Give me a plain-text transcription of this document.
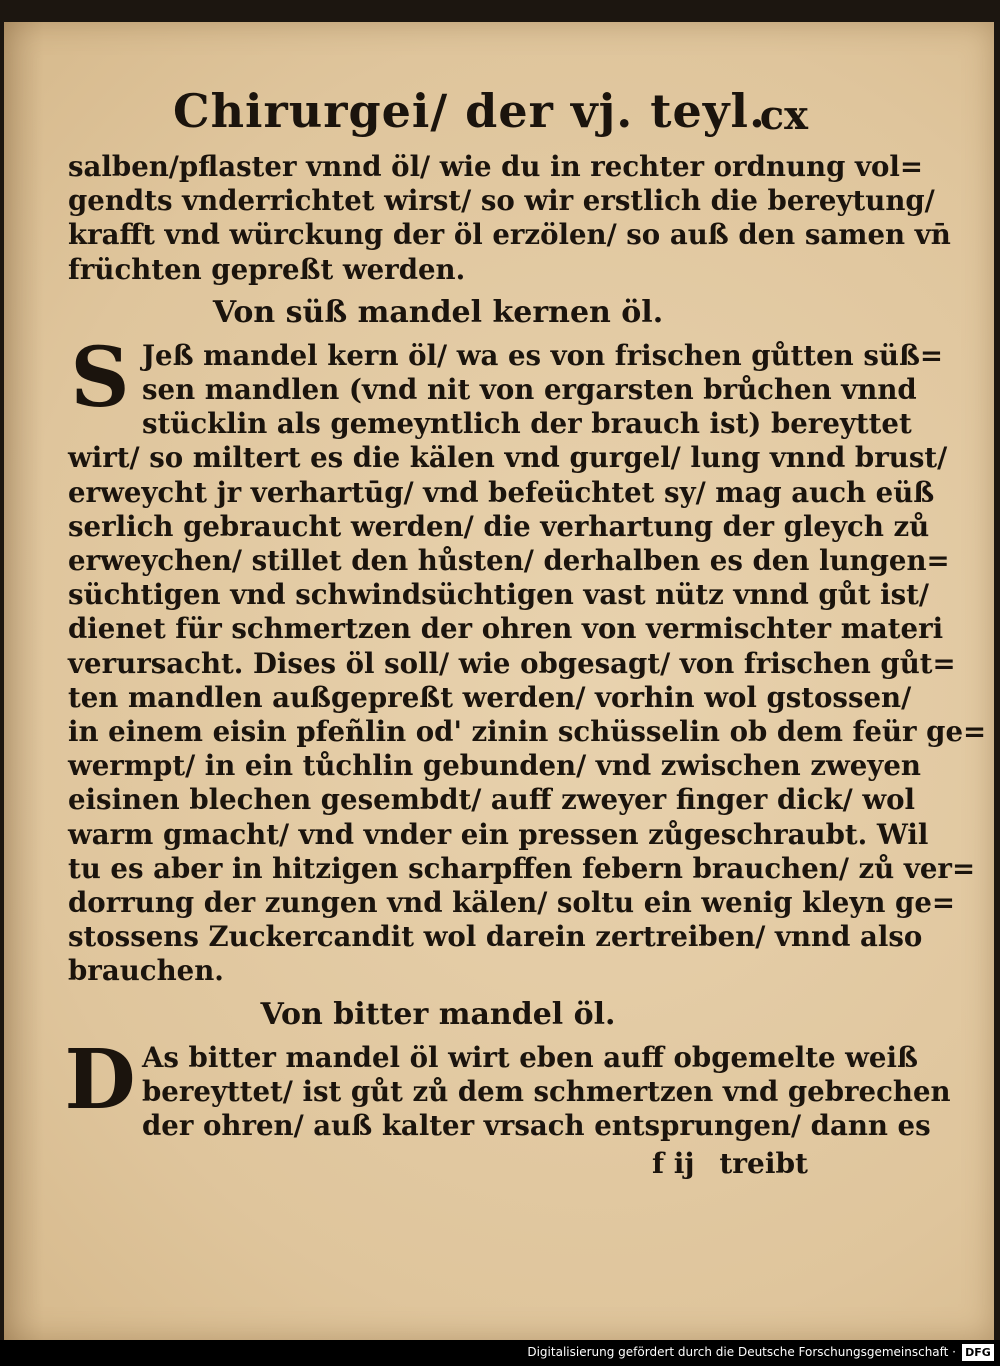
Chirurgei/ der vj. teyl.
cx

salben/pflaster vnnd öl/ wie du in rechter ordnung vol=
gendts vnderrichtet wirst/ so wir erstlich die bereytung/
krafft vnd würckung der öl erzölen/ so auß den samen vn̄
früchten gepreßt werden.

Von süß mandel kernen öl.
S Jeß mandel kern öl/ wa es von frischen gůtten süß=
sen mandlen (vnd nit von ergarsten brůchen vnnd
stücklin als gemeyntlich der brauch ist) bereyttet
wirt/ so miltert es die kälen vnd gurgel/ lung vnnd brust/
erweycht jr verhartūg/ vnd befeüchtet sy/ mag auch eüß
serlich gebraucht werden/ die verhartung der gleych zů
erweychen/ stillet den hůsten/ derhalben es den lungen=
süchtigen vnd schwindsüchtigen vast nütz vnnd gůt ist/
dienet für schmertzen der ohren von vermischter materi
verursacht. Dises öl soll/ wie obgesagt/ von frischen gůt=
ten mandlen außgepreßt werden/ vorhin wol gstossen/
in einem eisin pfeñlin od' zinin schüsselin ob dem feür ge=
wermpt/ in ein tůchlin gebunden/ vnd zwischen zweyen
eisinen blechen gesembdt/ auff zweyer finger dick/ wol
warm gmacht/ vnd vnder ein pressen zůgeschraubt. Wil
tu es aber in hitzigen scharpffen febern brauchen/ zů ver=
dorrung der zungen vnd kälen/ soltu ein wenig kleyn ge=
stossens Zuckercandit wol darein zertreiben/ vnnd also
brauchen.

Von bitter mandel öl.
D As bitter mandel öl wirt eben auff obgemelte weiß
bereyttet/ ist gůt zů dem schmertzen vnd gebrechen
der ohren/ auß kalter vrsach entsprungen/ dann es

f ij treibt
Digitalisierung gefördert durch die Deutsche Forschungsgemeinschaft · DFG
